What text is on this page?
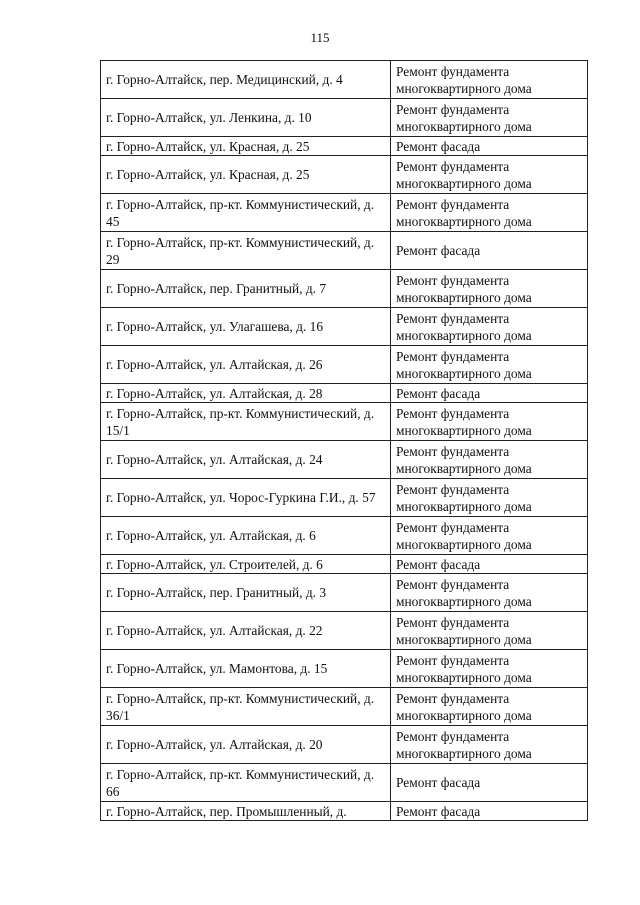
115
г. Горно-Алтайск, пер. Медицинский, д. 4	Ремонт фундамента многоквартирного дома
г. Горно-Алтайск, ул. Ленкина, д. 10	Ремонт фундамента многоквартирного дома
г. Горно-Алтайск, ул. Красная, д. 25	Ремонт фасада
г. Горно-Алтайск, ул. Красная, д. 25	Ремонт фундамента многоквартирного дома
г. Горно-Алтайск, пр-кт. Коммунистический, д. 45	Ремонт фундамента многоквартирного дома
г. Горно-Алтайск, пр-кт. Коммунистический, д. 29	Ремонт фасада
г. Горно-Алтайск, пер. Гранитный, д. 7	Ремонт фундамента многоквартирного дома
г. Горно-Алтайск, ул. Улагашева, д. 16	Ремонт фундамента многоквартирного дома
г. Горно-Алтайск, ул. Алтайская, д. 26	Ремонт фундамента многоквартирного дома
г. Горно-Алтайск, ул. Алтайская, д. 28	Ремонт фасада
г. Горно-Алтайск, пр-кт. Коммунистический, д. 15/1	Ремонт фундамента многоквартирного дома
г. Горно-Алтайск, ул. Алтайская, д. 24	Ремонт фундамента многоквартирного дома
г. Горно-Алтайск, ул. Чорос-Гуркина Г.И., д. 57	Ремонт фундамента многоквартирного дома
г. Горно-Алтайск, ул. Алтайская, д. 6	Ремонт фундамента многоквартирного дома
г. Горно-Алтайск, ул. Строителей, д. 6	Ремонт фасада
г. Горно-Алтайск, пер. Гранитный, д. 3	Ремонт фундамента многоквартирного дома
г. Горно-Алтайск, ул. Алтайская, д. 22	Ремонт фундамента многоквартирного дома
г. Горно-Алтайск, ул. Мамонтова, д. 15	Ремонт фундамента многоквартирного дома
г. Горно-Алтайск, пр-кт. Коммунистический, д. 36/1	Ремонт фундамента многоквартирного дома
г. Горно-Алтайск, ул. Алтайская, д. 20	Ремонт фундамента многоквартирного дома
г. Горно-Алтайск, пр-кт. Коммунистический, д. 66	Ремонт фасада
г. Горно-Алтайск, пер. Промышленный, д.	Ремонт фасада
